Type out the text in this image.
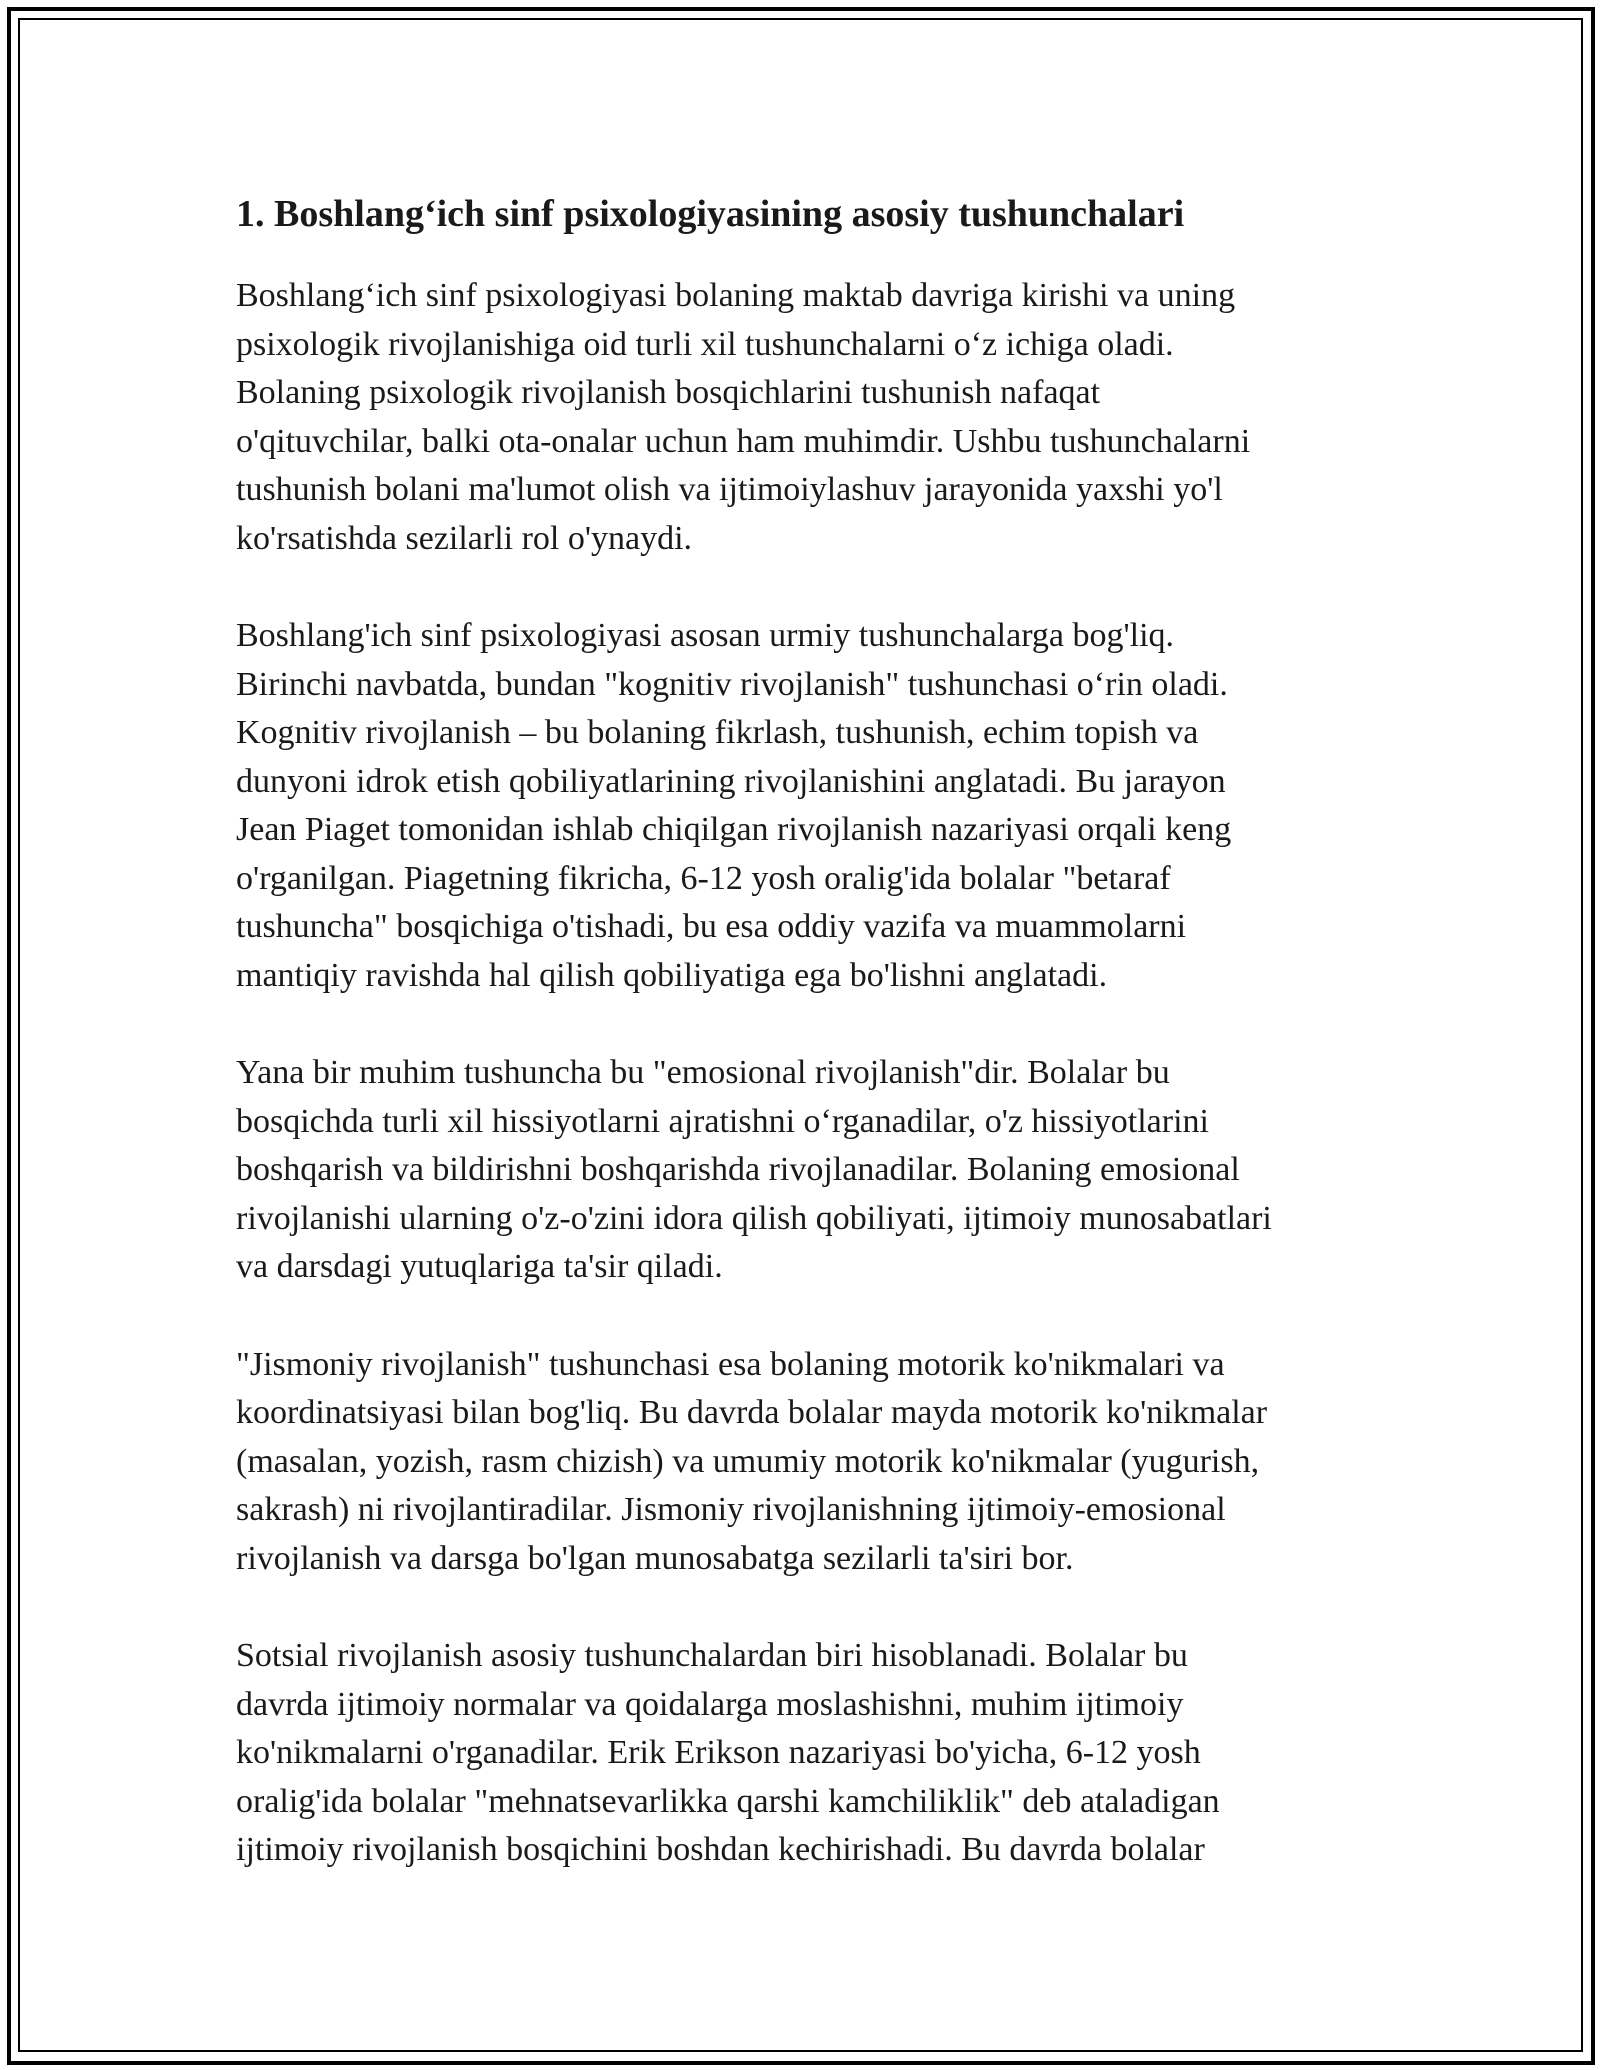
1. Boshlang‘ich sinf psixologiyasining asosiy tushunchalari

Boshlang‘ich sinf psixologiyasi bolaning maktab davriga kirishi va uning
psixologik rivojlanishiga oid turli xil tushunchalarni o‘z ichiga oladi.
Bolaning psixologik rivojlanish bosqichlarini tushunish nafaqat
o'qituvchilar, balki ota-onalar uchun ham muhimdir. Ushbu tushunchalarni
tushunish bolani ma'lumot olish va ijtimoiylashuv jarayonida yaxshi yo'l
ko'rsatishda sezilarli rol o'ynaydi.

Boshlang'ich sinf psixologiyasi asosan urmiy tushunchalarga bog'liq.
Birinchi navbatda, bundan "kognitiv rivojlanish" tushunchasi o‘rin oladi.
Kognitiv rivojlanish – bu bolaning fikrlash, tushunish, echim topish va
dunyoni idrok etish qobiliyatlarining rivojlanishini anglatadi. Bu jarayon
Jean Piaget tomonidan ishlab chiqilgan rivojlanish nazariyasi orqali keng
o'rganilgan. Piagetning fikricha, 6-12 yosh oralig'ida bolalar "betaraf
tushuncha" bosqichiga o'tishadi, bu esa oddiy vazifa va muammolarni
mantiqiy ravishda hal qilish qobiliyatiga ega bo'lishni anglatadi.

Yana bir muhim tushuncha bu "emosional rivojlanish"dir. Bolalar bu
bosqichda turli xil hissiyotlarni ajratishni o‘rganadilar, o'z hissiyotlarini
boshqarish va bildirishni boshqarishda rivojlanadilar. Bolaning emosional
rivojlanishi ularning o'z-o'zini idora qilish qobiliyati, ijtimoiy munosabatlari
va darsdagi yutuqlariga ta'sir qiladi.

"Jismoniy rivojlanish" tushunchasi esa bolaning motorik ko'nikmalari va
koordinatsiyasi bilan bog'liq. Bu davrda bolalar mayda motorik ko'nikmalar
(masalan, yozish, rasm chizish) va umumiy motorik ko'nikmalar (yugurish,
sakrash) ni rivojlantiradilar. Jismoniy rivojlanishning ijtimoiy-emosional
rivojlanish va darsga bo'lgan munosabatga sezilarli ta'siri bor.

Sotsial rivojlanish asosiy tushunchalardan biri hisoblanadi. Bolalar bu
davrda ijtimoiy normalar va qoidalarga moslashishni, muhim ijtimoiy
ko'nikmalarni o'rganadilar. Erik Erikson nazariyasi bo'yicha, 6-12 yosh
oralig'ida bolalar "mehnatsevarlikka qarshi kamchiliklik" deb ataladigan
ijtimoiy rivojlanish bosqichini boshdan kechirishadi. Bu davrda bolalar
